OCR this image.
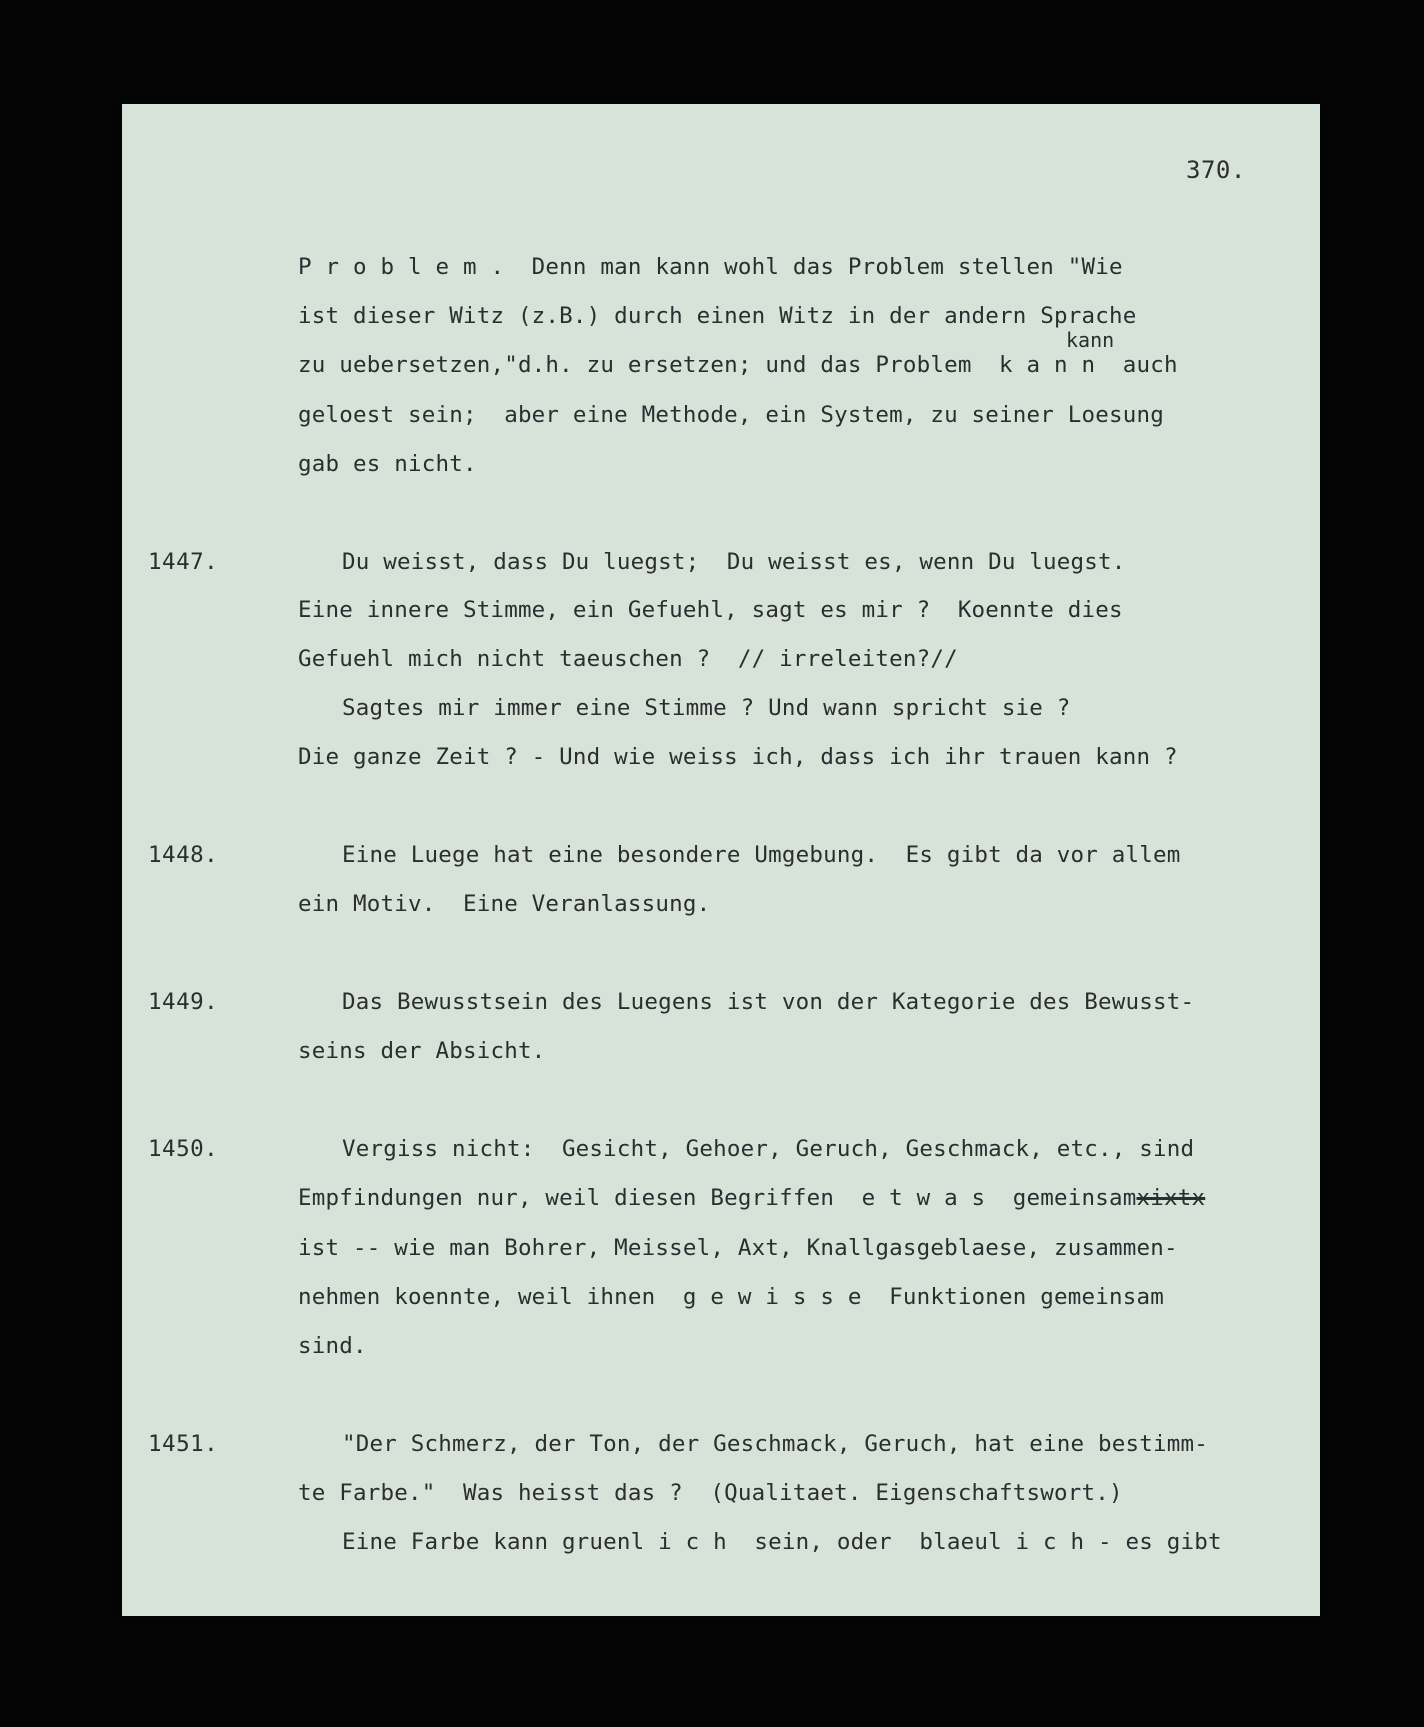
370.
P r o b l e m .  Denn man kann wohl das Problem stellen "Wie
ist dieser Witz (z.B.) durch einen Witz in der andern Sprache
kann
zu uebersetzen,"d.h. zu ersetzen; und das Problem  k a n n  auch
geloest sein;  aber eine Methode, ein System, zu seiner Loesung
gab es nicht.
1447.	Du weisst, dass Du luegst;  Du weisst es, wenn Du luegst.
Eine innere Stimme, ein Gefuehl, sagt es mir ?  Koennte dies
Gefuehl mich nicht taeuschen ?  // irreleiten?//
Sagtes mir immer eine Stimme ? Und wann spricht sie ?
Die ganze Zeit ? - Und wie weiss ich, dass ich ihr trauen kann ?
1448.	Eine Luege hat eine besondere Umgebung.  Es gibt da vor allem
ein Motiv.  Eine Veranlassung.
1449.	Das Bewusstsein des Luegens ist von der Kategorie des Bewusst-
seins der Absicht.
1450.	Vergiss nicht:  Gesicht, Gehoer, Geruch, Geschmack, etc., sind
Empfindungen nur, weil diesen Begriffen  e t w a s  gemeinsamxixtx
ist -- wie man Bohrer, Meissel, Axt, Knallgasgeblaese, zusammen-
nehmen koennte, weil ihnen  g e w i s s e  Funktionen gemeinsam
sind.
1451.	"Der Schmerz, der Ton, der Geschmack, Geruch, hat eine bestimm-
te Farbe."  Was heisst das ?  (Qualitaet. Eigenschaftswort.)
Eine Farbe kann gruenl i c h  sein, oder  blaeul i c h - es gibt
